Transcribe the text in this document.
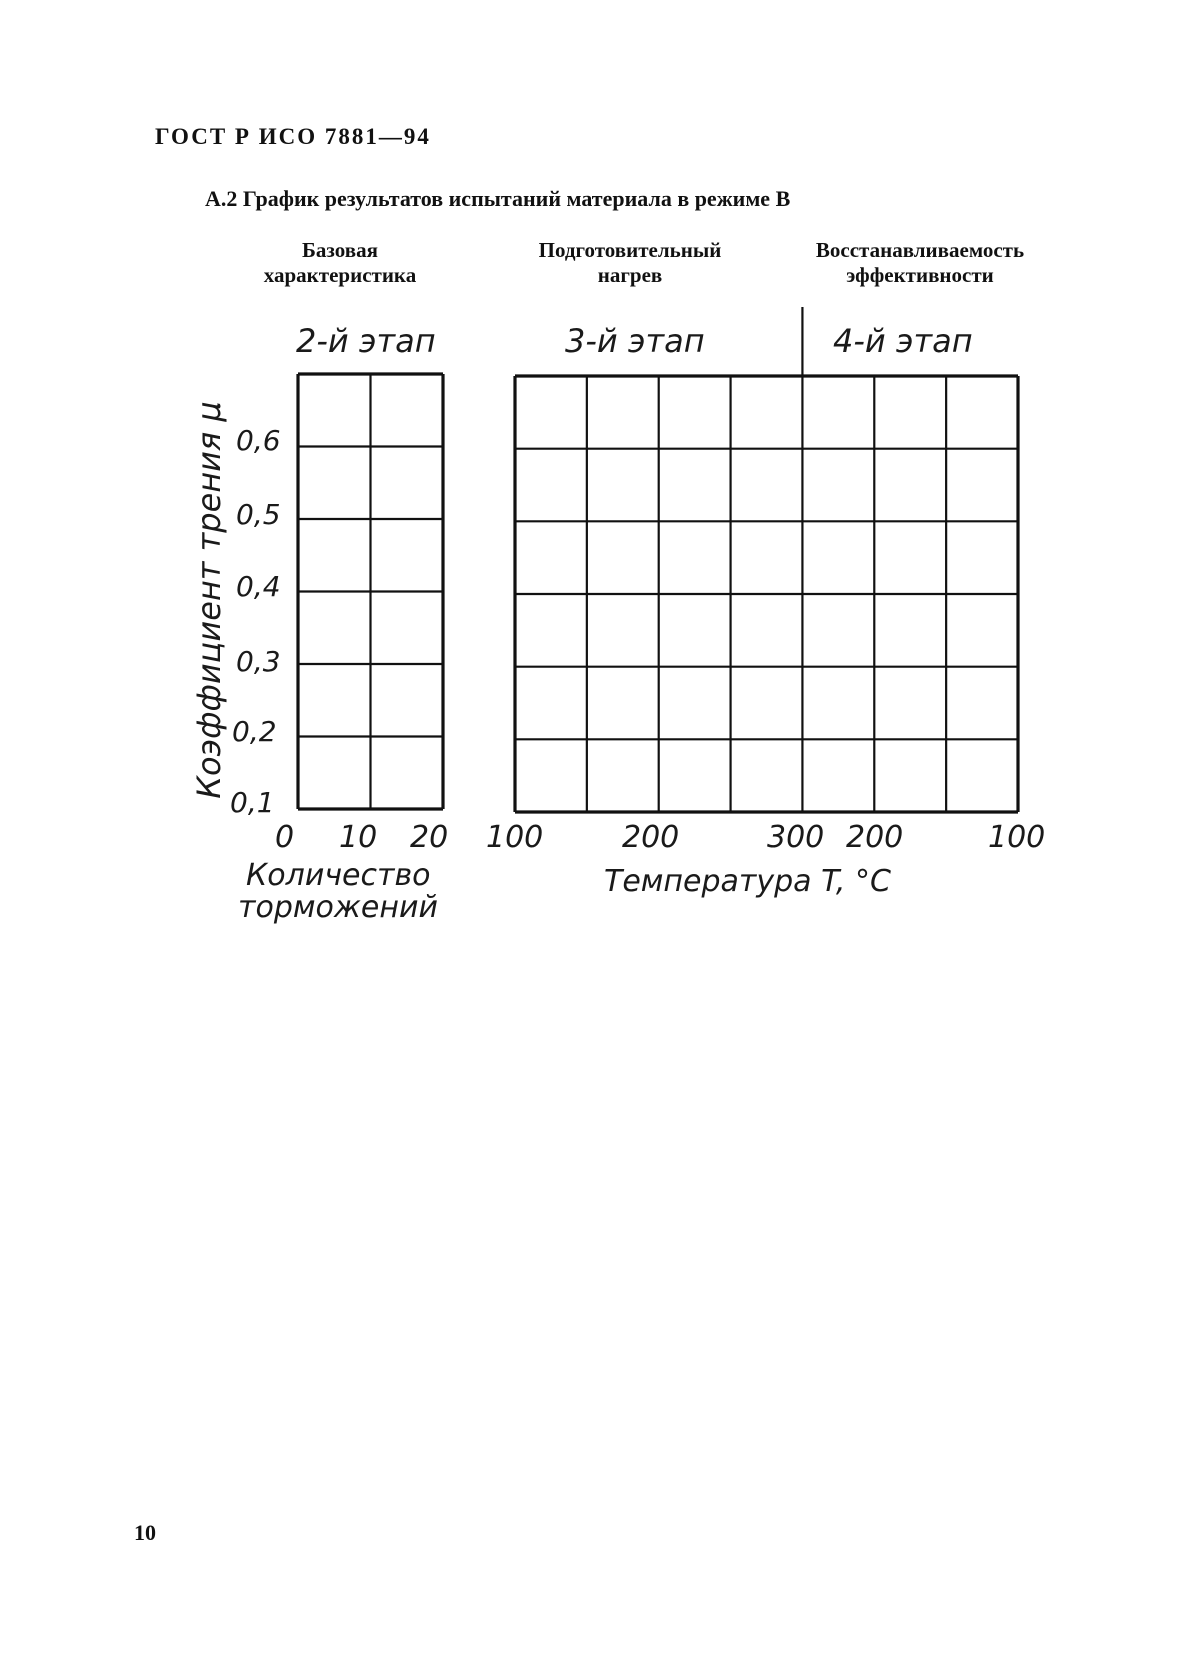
ГОСТ Р ИСО 7881—94
А.2 График результатов испытаний материала в режиме В
Базовая
характеристика
Подготовительный
нагрев
Восстанавливаемость
эффективности
2-й этап	3-й этап	4-й этап
0,6
0,5
0,4
0,3
0,2
0,1
Коэффициент трения μ
0 10 20 100	200	300 200	100
Количество
торможений
Температура T, °C
10
